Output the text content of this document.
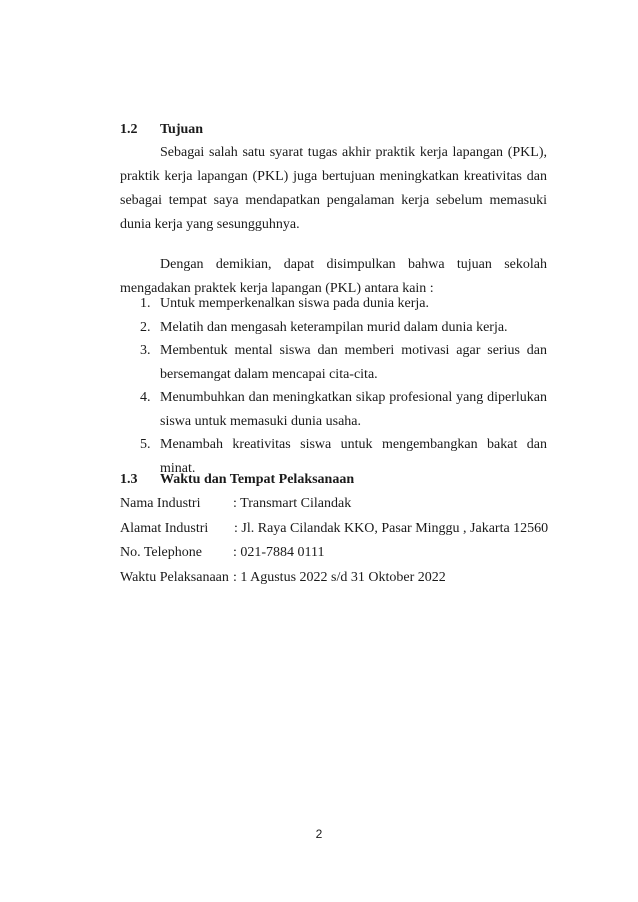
1.2 Tujuan

Sebagai salah satu syarat tugas akhir praktik kerja lapangan (PKL), praktik kerja lapangan (PKL) juga bertujuan meningkatkan kreativitas dan sebagai tempat saya mendapatkan pengalaman kerja sebelum memasuki dunia kerja yang sesungguhnya.

Dengan demikian, dapat disimpulkan bahwa tujuan sekolah mengadakan praktek kerja lapangan (PKL) antara kain :

1. Untuk memperkenalkan siswa pada dunia kerja.
2. Melatih dan mengasah keterampilan murid dalam dunia kerja.
3. Membentuk mental siswa dan memberi motivasi agar serius dan bersemangat dalam mencapai cita-cita.
4. Menumbuhkan dan meningkatkan sikap profesional yang diperlukan siswa untuk memasuki dunia usaha.
5. Menambah kreativitas siswa untuk mengembangkan bakat dan minat.
1.3 Waktu dan Tempat Pelaksanaan
Nama Industri : Transmart Cilandak
Alamat Industri : Jl. Raya Cilandak KKO, Pasar Minggu , Jakarta 12560
No. Telephone : 021-7884 0111
Waktu Pelaksanaan : 1 Agustus 2022 s/d 31 Oktober 2022
2
